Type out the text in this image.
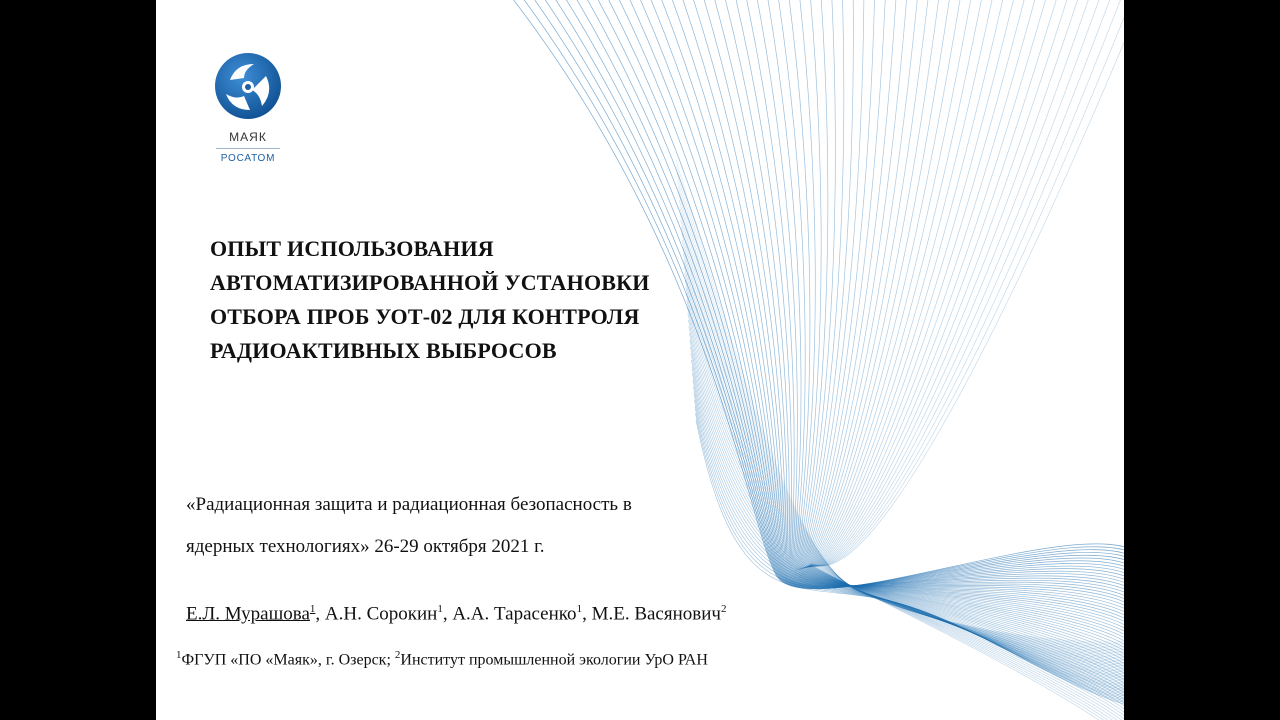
МАЯК
РОСАТОМ
ОПЫТ ИСПОЛЬЗОВАНИЯ
АВТОМАТИЗИРОВАННОЙ УСТАНОВКИ
ОТБОРА ПРОБ УОТ-02 ДЛЯ КОНТРОЛЯ
РАДИОАКТИВНЫХ ВЫБРОСОВ

«Радиационная защита и радиационная безопасность в
ядерных технологиях» 26-29 октября 2021 г.

Е.Л. Мурашова$^1$, А.Н. Сорокин$^1$, А.А. Тарасенко$^1$, М.Е. Васянович$^2$

$^1$ФГУП «ПО «Маяк», г. Озерск; $^2$Институт промышленной экологии УрО РАН
